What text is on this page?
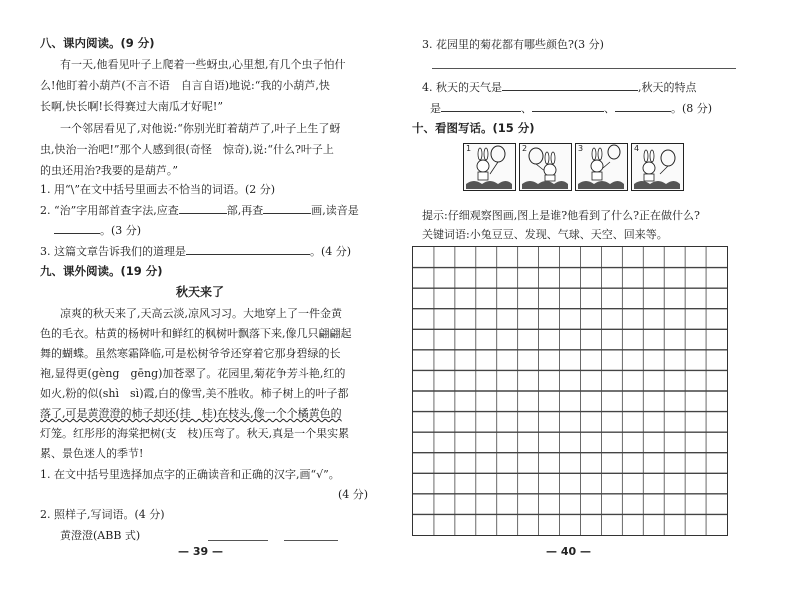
八、课内阅读。(9 分)
有一天,他看见叶子上爬着一些蚜虫,心里想,有几个虫子怕什
么!他盯着小葫芦(不言不语　自言自语)地说:“我的小葫芦,快
长啊,快长啊!长得赛过大南瓜才好呢!”
一个邻居看见了,对他说:“你别光盯着葫芦了,叶子上生了蚜
虫,快治一治吧!”那个人感到很(奇怪　惊奇),说:“什么?叶子上
的虫还用治?我要的是葫芦。”
1. 用“\”在文中括号里画去不恰当的词语。(2 分)
2. “治”字用部首查字法,应查	部,再查	画,读音是
。(3 分)
3. 这篇文章告诉我们的道理是	。(4 分)
九、课外阅读。(19 分)
秋天来了
凉爽的秋天来了,天高云淡,凉风习习。大地穿上了一件金黄
色的毛衣。枯黄的杨树叶和鲜红的枫树叶飘落下来,像几只翩翩起
舞的蝴蝶。虽然寒霜降临,可是松树爷爷还穿着它那身碧绿的长
袍,显得更(gèng　gēng)加苍翠了。花园里,菊花争芳斗艳,红的
如火,粉的似(shì　sì)霞,白的像雪,美不胜收。柿子树上的叶子都
落了,可是黄澄澄的柿子却还(挂　桂)在枝头,像一个个橘黄色的
灯笼。红彤彤的海棠把树(支　枝)压弯了。秋天,真是一个果实累
累、景色迷人的季节!
1. 在文中括号里选择加点字的正确读音和正确的汉字,画“√”。
(4 分)
2. 照样子,写词语。(4 分)
黄澄澄(ABB 式)
— 39 —
3. 花园里的菊花都有哪些颜色?(3 分)
4. 秋天的天气是	,秋天的特点
是	、	、	。(8 分)
十、看图写话。(15 分)
1	2	3	4
提示:仔细观察图画,图上是谁?他看到了什么?正在做什么?
关键词语:小兔豆豆、发现、气球、天空、回来等。
— 40 —
